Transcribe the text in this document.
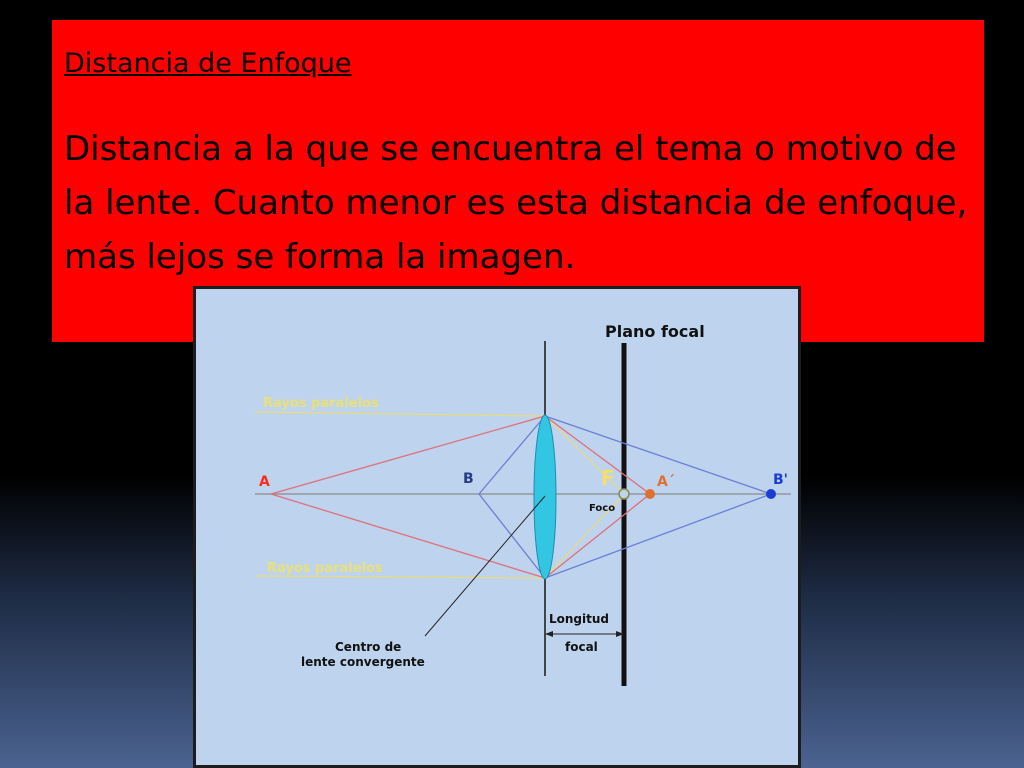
Distancia de Enfoque
Distancia a la que se encuentra el tema o motivo de la lente. Cuanto menor es esta distancia de enfoque, más lejos se forma la imagen.
Plano focal
Rayos paralelos
Rayos paralelos
A	B	F
Foco
A´	B'
Longitud
focal
Centro de
lente convergente
